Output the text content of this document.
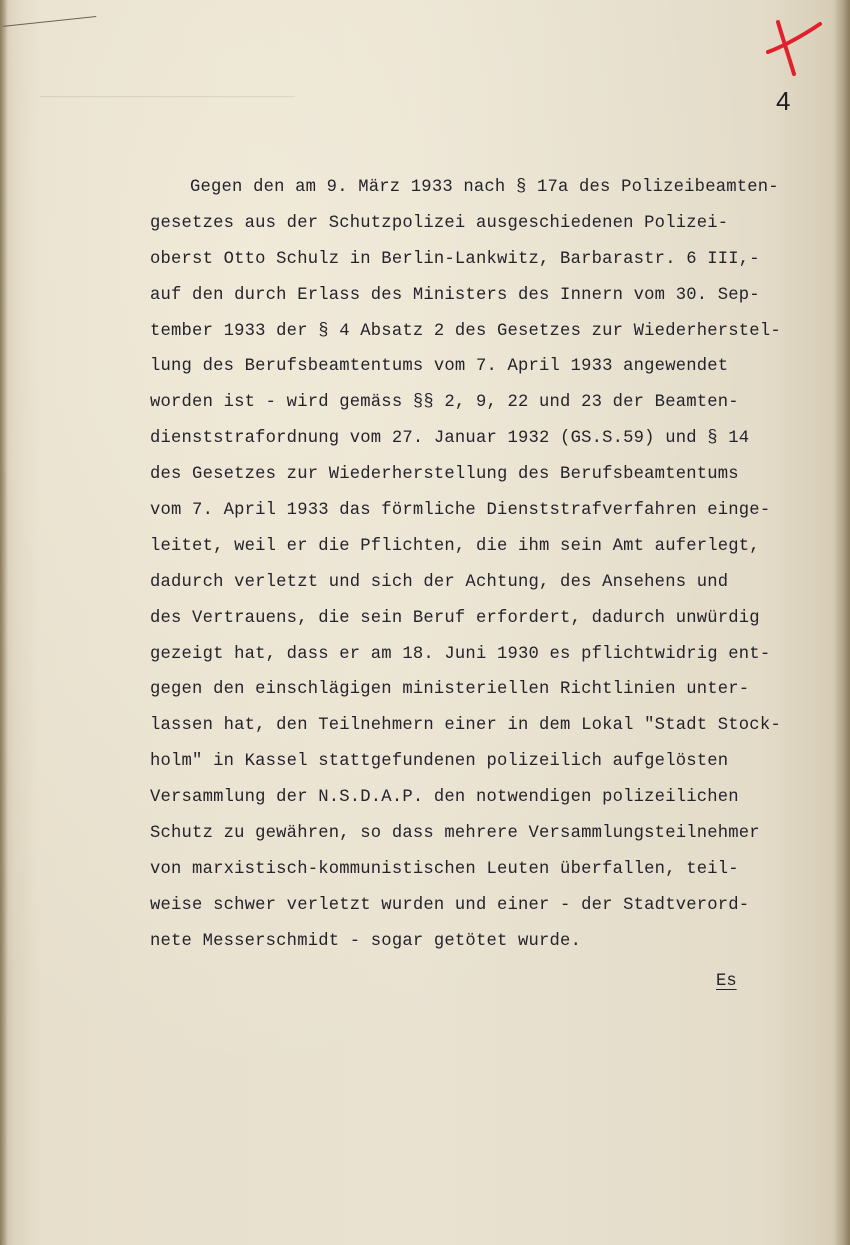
────────────────────
	4
Gegen den am 9. März 1933 nach § 17a des Polizeibeamten-
gesetzes aus der Schutzpolizei ausgeschiedenen Polizei-
oberst Otto Schulz in Berlin-Lankwitz, Barbarastr. 6 III,-
auf den durch Erlass des Ministers des Innern vom 30. Sep-
tember 1933 der § 4 Absatz 2 des Gesetzes zur Wiederherstel-
lung des Berufsbeamtentums vom 7. April 1933 angewendet
worden ist - wird gemäss §§ 2, 9, 22 und 23 der Beamten-
dienststrafordnung vom 27. Januar 1932 (GS.S.59) und § 14
des Gesetzes zur Wiederherstellung des Berufsbeamtentums
vom 7. April 1933 das förmliche Dienststrafverfahren einge-
leitet, weil er die Pflichten, die ihm sein Amt auferlegt,
dadurch verletzt und sich der Achtung, des Ansehens und
des Vertrauens, die sein Beruf erfordert, dadurch unwürdig
gezeigt hat, dass er am 18. Juni 1930 es pflichtwidrig ent-
gegen den einschlägigen ministeriellen Richtlinien unter-
lassen hat, den Teilnehmern einer in dem Lokal "Stadt Stock-
holm" in Kassel stattgefundenen polizeilich aufgelösten
Versammlung der N.S.D.A.P. den notwendigen polizeilichen
Schutz zu gewähren, so dass mehrere Versammlungsteilnehmer
von marxistisch-kommunistischen Leuten überfallen, teil-
weise schwer verletzt wurden und einer - der Stadtverord-
nete Messerschmidt - sogar getötet wurde.
Es
